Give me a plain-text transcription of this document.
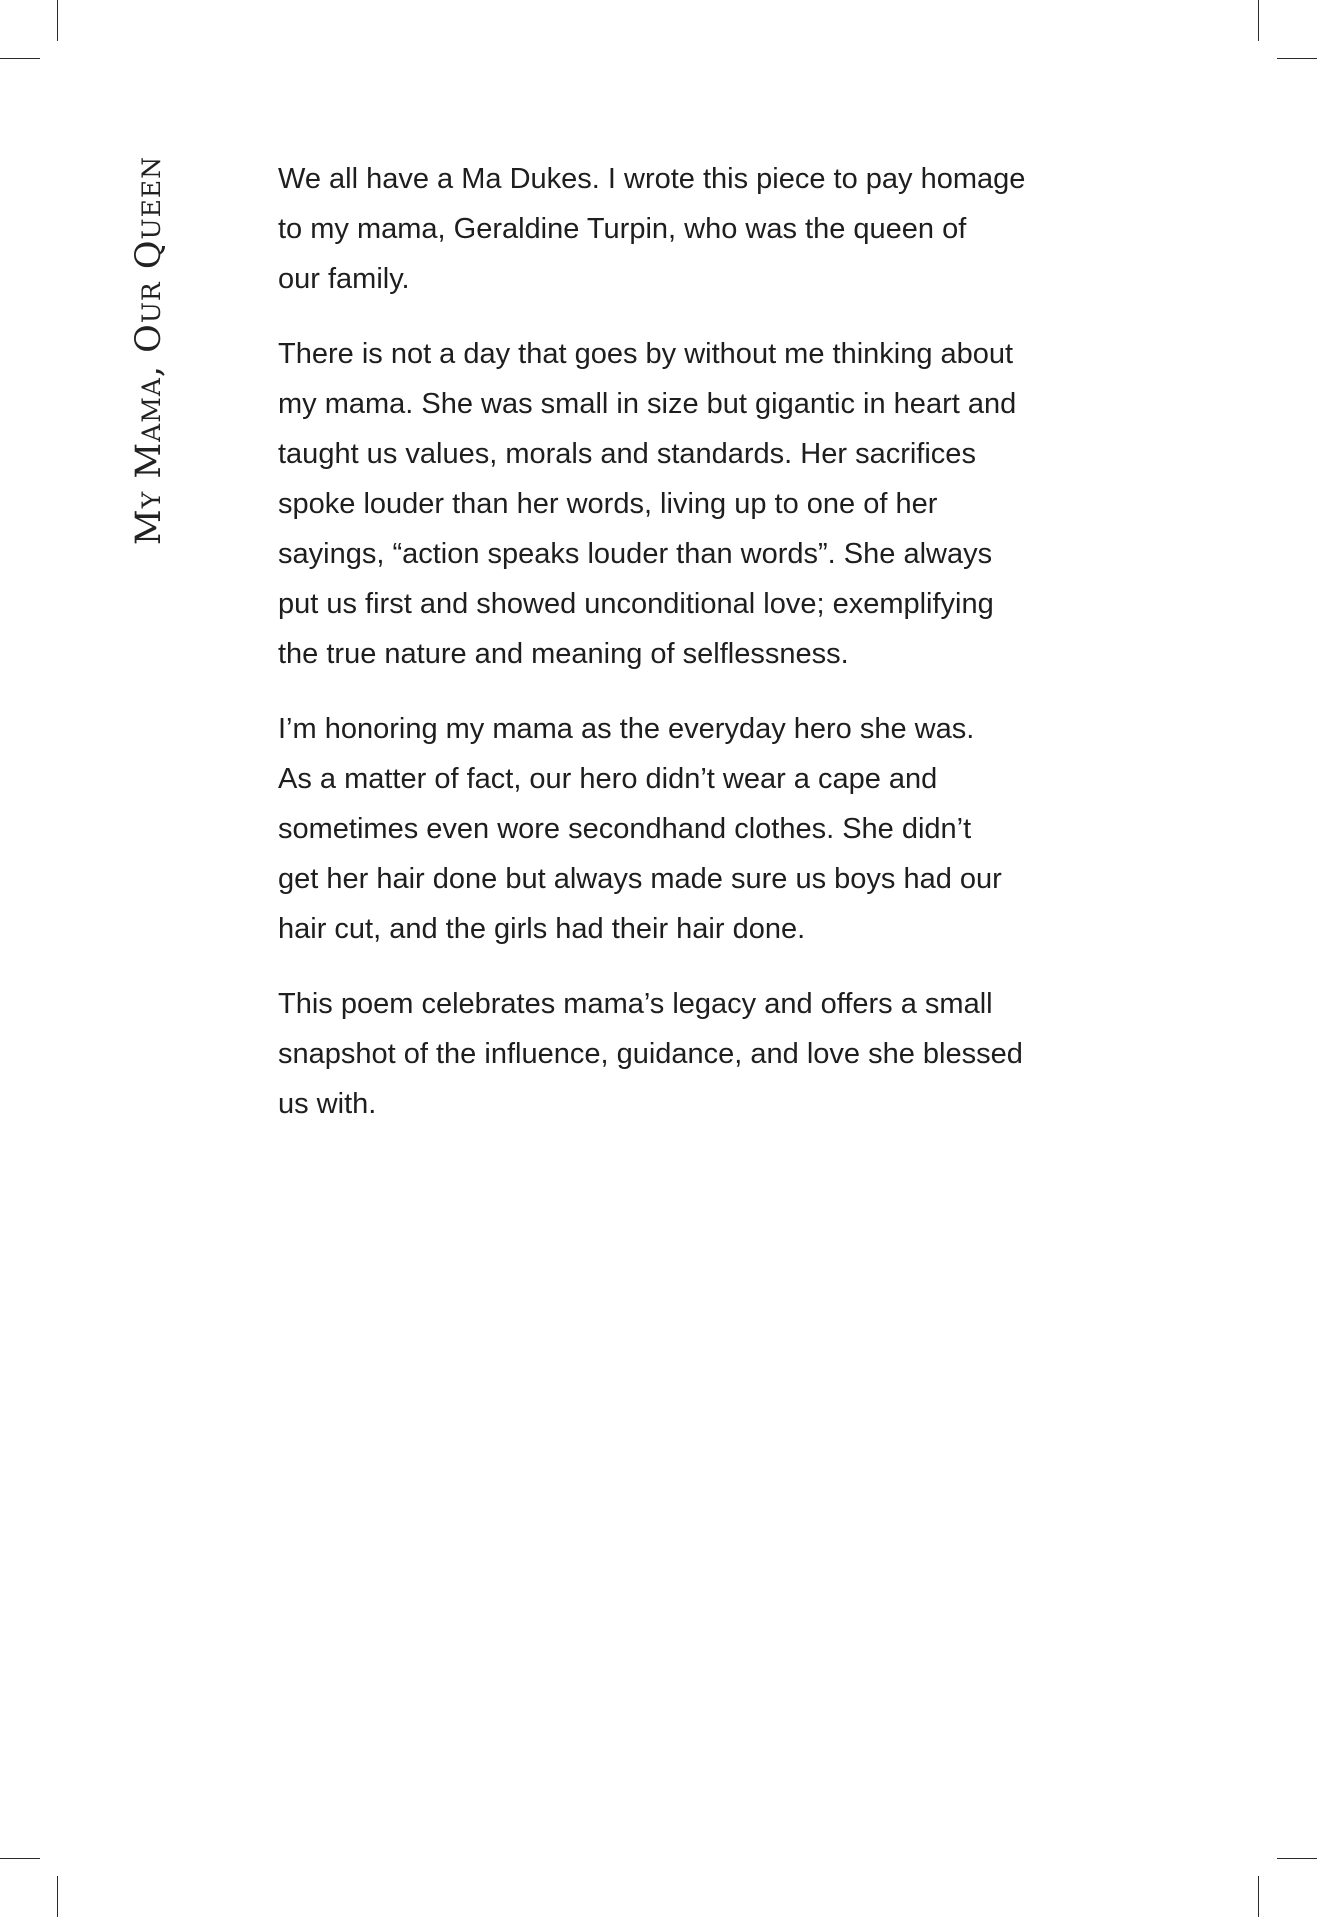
My Mama, Our Queen	We all have a Ma Dukes. I wrote this piece to pay homage
to my mama, Geraldine Turpin, who was the queen of
our family.

There is not a day that goes by without me thinking about
my mama. She was small in size but gigantic in heart and
taught us values, morals and standards. Her sacrifices
spoke louder than her words, living up to one of her
sayings, “action speaks louder than words”. She always
put us first and showed unconditional love; exemplifying
the true nature and meaning of selflessness.

I’m honoring my mama as the everyday hero she was.
As a matter of fact, our hero didn’t wear a cape and
sometimes even wore secondhand clothes. She didn’t
get her hair done but always made sure us boys had our
hair cut, and the girls had their hair done.

This poem celebrates mama’s legacy and offers a small
snapshot of the influence, guidance, and love she blessed
us with.
